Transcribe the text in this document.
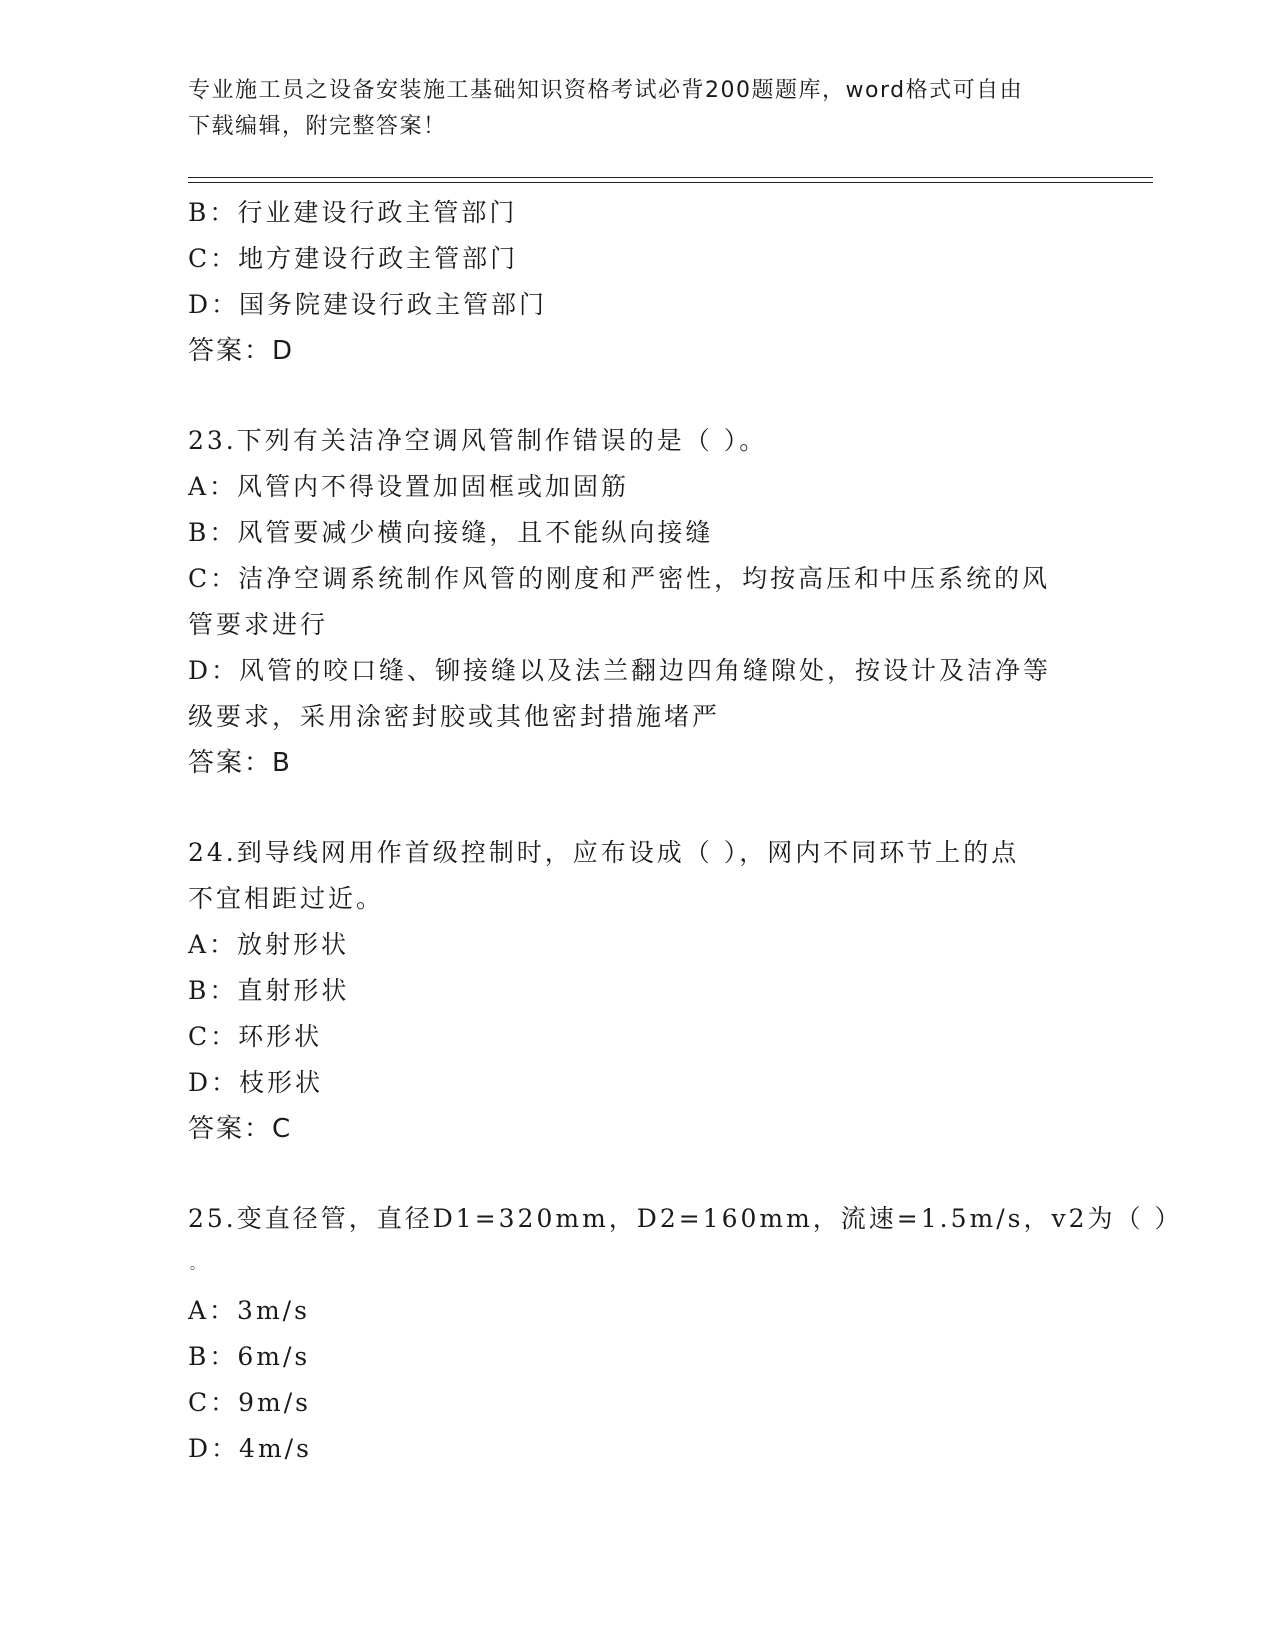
专业施工员之设备安装施工基础知识资格考试必背200题题库，word格式可自由
下载编辑，附完整答案！
B：行业建设行政主管部门
C：地方建设行政主管部门
D：国务院建设行政主管部门
答案：D
23.下列有关洁净空调风管制作错误的是（ ）。
A：风管内不得设置加固框或加固筋
B：风管要减少横向接缝，且不能纵向接缝
C：洁净空调系统制作风管的刚度和严密性，均按高压和中压系统的风
管要求进行
D：风管的咬口缝、铆接缝以及法兰翻边四角缝隙处，按设计及洁净等
级要求，采用涂密封胶或其他密封措施堵严
答案：B
24.到导线网用作首级控制时，应布设成（ ），网内不同环节上的点
不宜相距过近。
A：放射形状
B：直射形状
C：环形状
D：枝形状
答案：C
25.变直径管，直径D1=320mm，D2=160mm，流速=1.5m/s，v2为（ ）
。
A：3m/s
B：6m/s
C：9m/s
D：4m/s
